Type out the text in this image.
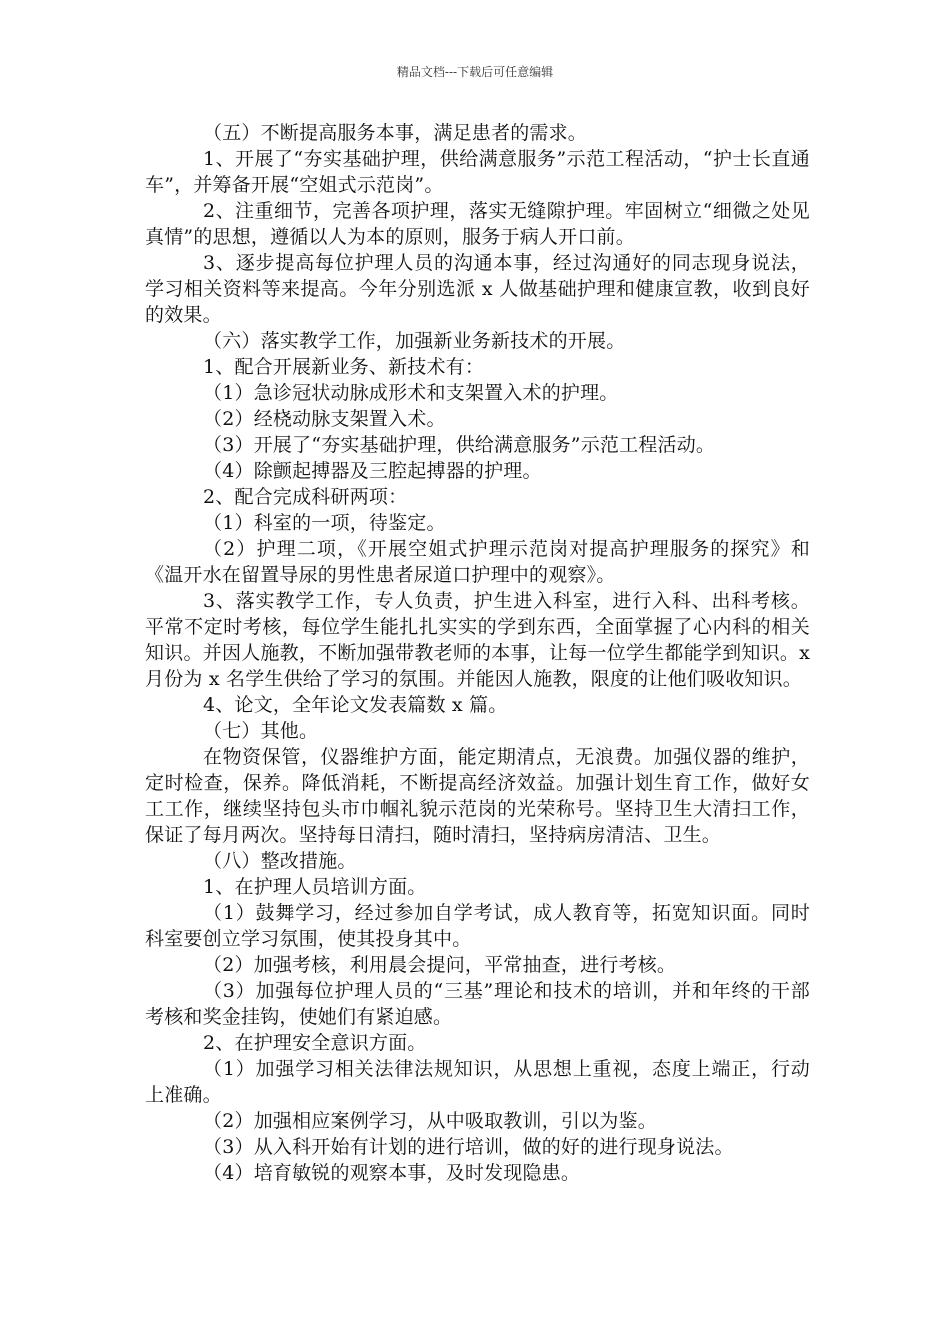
精品文档---下载后可任意编辑

（五）不断提高服务本事，满足患者的需求。

1、开展了“夯实基础护理，供给满意服务”示范工程活动，“护士长直通车”，并筹备开展“空姐式示范岗”。

2、注重细节，完善各项护理，落实无缝隙护理。牢固树立“细微之处见真情”的思想，遵循以人为本的原则，服务于病人开口前。

3、逐步提高每位护理人员的沟通本事，经过沟通好的同志现身说法，学习相关资料等来提高。今年分别选派 x 人做基础护理和健康宣教，收到良好的效果。

（六）落实教学工作，加强新业务新技术的开展。

1、配合开展新业务、新技术有：

（1）急诊冠状动脉成形术和支架置入术的护理。

（2）经桡动脉支架置入术。

（3）开展了“夯实基础护理，供给满意服务”示范工程活动。

（4）除颤起搏器及三腔起搏器的护理。

2、配合完成科研两项：

（1）科室的一项，待鉴定。

（2）护理二项，《开展空姐式护理示范岗对提高护理服务的探究》和《温开水在留置导尿的男性患者尿道口护理中的观察》。

3、落实教学工作，专人负责，护生进入科室，进行入科、出科考核。平常不定时考核，每位学生能扎扎实实的学到东西，全面掌握了心内科的相关知识。并因人施教，不断加强带教老师的本事，让每一位学生都能学到知识。x 月份为 x 名学生供给了学习的氛围。并能因人施教，限度的让他们吸收知识。

4、论文，全年论文发表篇数 x 篇。

（七）其他。

在物资保管，仪器维护方面，能定期清点，无浪费。加强仪器的维护，定时检查，保养。降低消耗，不断提高经济效益。加强计划生育工作，做好女工工作，继续坚持包头市巾帼礼貌示范岗的光荣称号。坚持卫生大清扫工作，保证了每月两次。坚持每日清扫，随时清扫，坚持病房清洁、卫生。

（八）整改措施。

1、在护理人员培训方面。

（1）鼓舞学习，经过参加自学考试，成人教育等，拓宽知识面。同时科室要创立学习氛围，使其投身其中。

（2）加强考核，利用晨会提问，平常抽查，进行考核。

（3）加强每位护理人员的“三基”理论和技术的培训，并和年终的干部考核和奖金挂钩，使她们有紧迫感。

2、在护理安全意识方面。

（1）加强学习相关法律法规知识，从思想上重视，态度上端正，行动上准确。

（2）加强相应案例学习，从中吸取教训，引以为鉴。

（3）从入科开始有计划的进行培训，做的好的进行现身说法。

（4）培育敏锐的观察本事，及时发现隐患。
